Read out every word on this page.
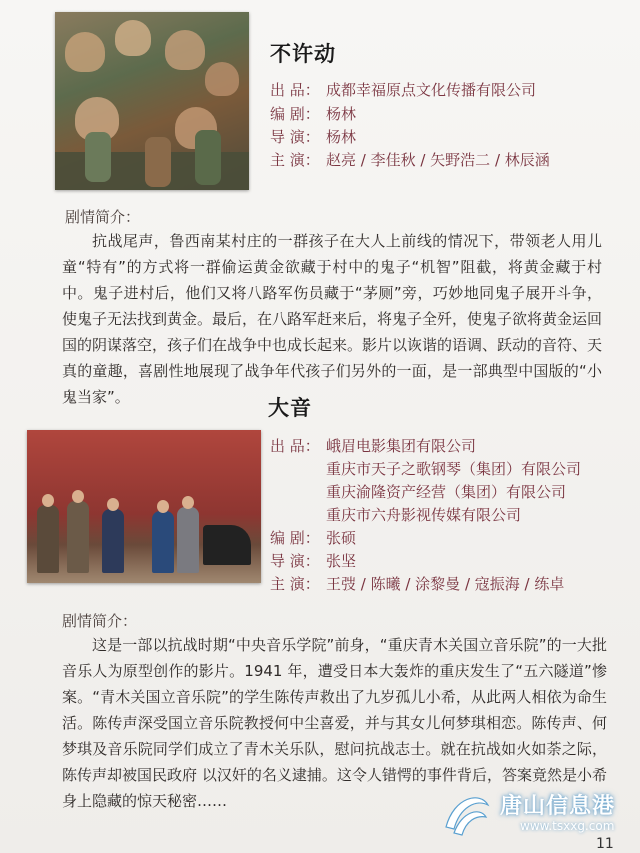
不许动
出 品： 成都幸福原点文化传播有限公司
编 剧： 杨林
导 演： 杨林
主 演： 赵亮 / 李佳秋 / 矢野浩二 / 林辰涵
剧情简介：
抗战尾声，鲁西南某村庄的一群孩子在大人上前线的情况下，带领老人用儿童“特有”的方式将一群偷运黄金欲藏于村中的鬼子“机智”阻截，将黄金藏于村中。鬼子进村后，他们又将八路军伤员藏于“茅厕”旁，巧妙地同鬼子展开斗争，使鬼子无法找到黄金。最后，在八路军赶来后，将鬼子全歼，使鬼子欲将黄金运回国的阴谋落空，孩子们在战争中也成长起来。影片以诙谐的语调、跃动的音符、天真的童趣，喜剧性地展现了战争年代孩子们另外的一面，是一部典型中国版的“小鬼当家”。	大音
出 品： 峨眉电影集团有限公司
重庆市天子之歌钢琴（集团）有限公司
重庆渝隆资产经营（集团）有限公司
重庆市六舟影视传媒有限公司
编 剧： 张硕
导 演： 张坚
主 演： 王弢 / 陈曦 / 涂黎曼 / 寇振海 / 练卓
剧情简介：
这是一部以抗战时期“中央音乐学院”前身，“重庆青木关国立音乐院”的一大批音乐人为原型创作的影片。1941 年，遭受日本大轰炸的重庆发生了“五六隧道”惨案。“青木关国立音乐院”的学生陈传声救出了九岁孤儿小希，从此两人相依为命生活。陈传声深受国立音乐院教授何中尘喜爱，并与其女儿何梦琪相恋。陈传声、何梦琪及音乐院同学们成立了青木关乐队，慰问抗战志士。就在抗战如火如荼之际，陈传声却被国民政府 以汉奸的名义逮捕。这令人错愕的事件背后，答案竟然是小希身上隐藏的惊天秘密……	唐山信息港
www.tsxxg.com
11
